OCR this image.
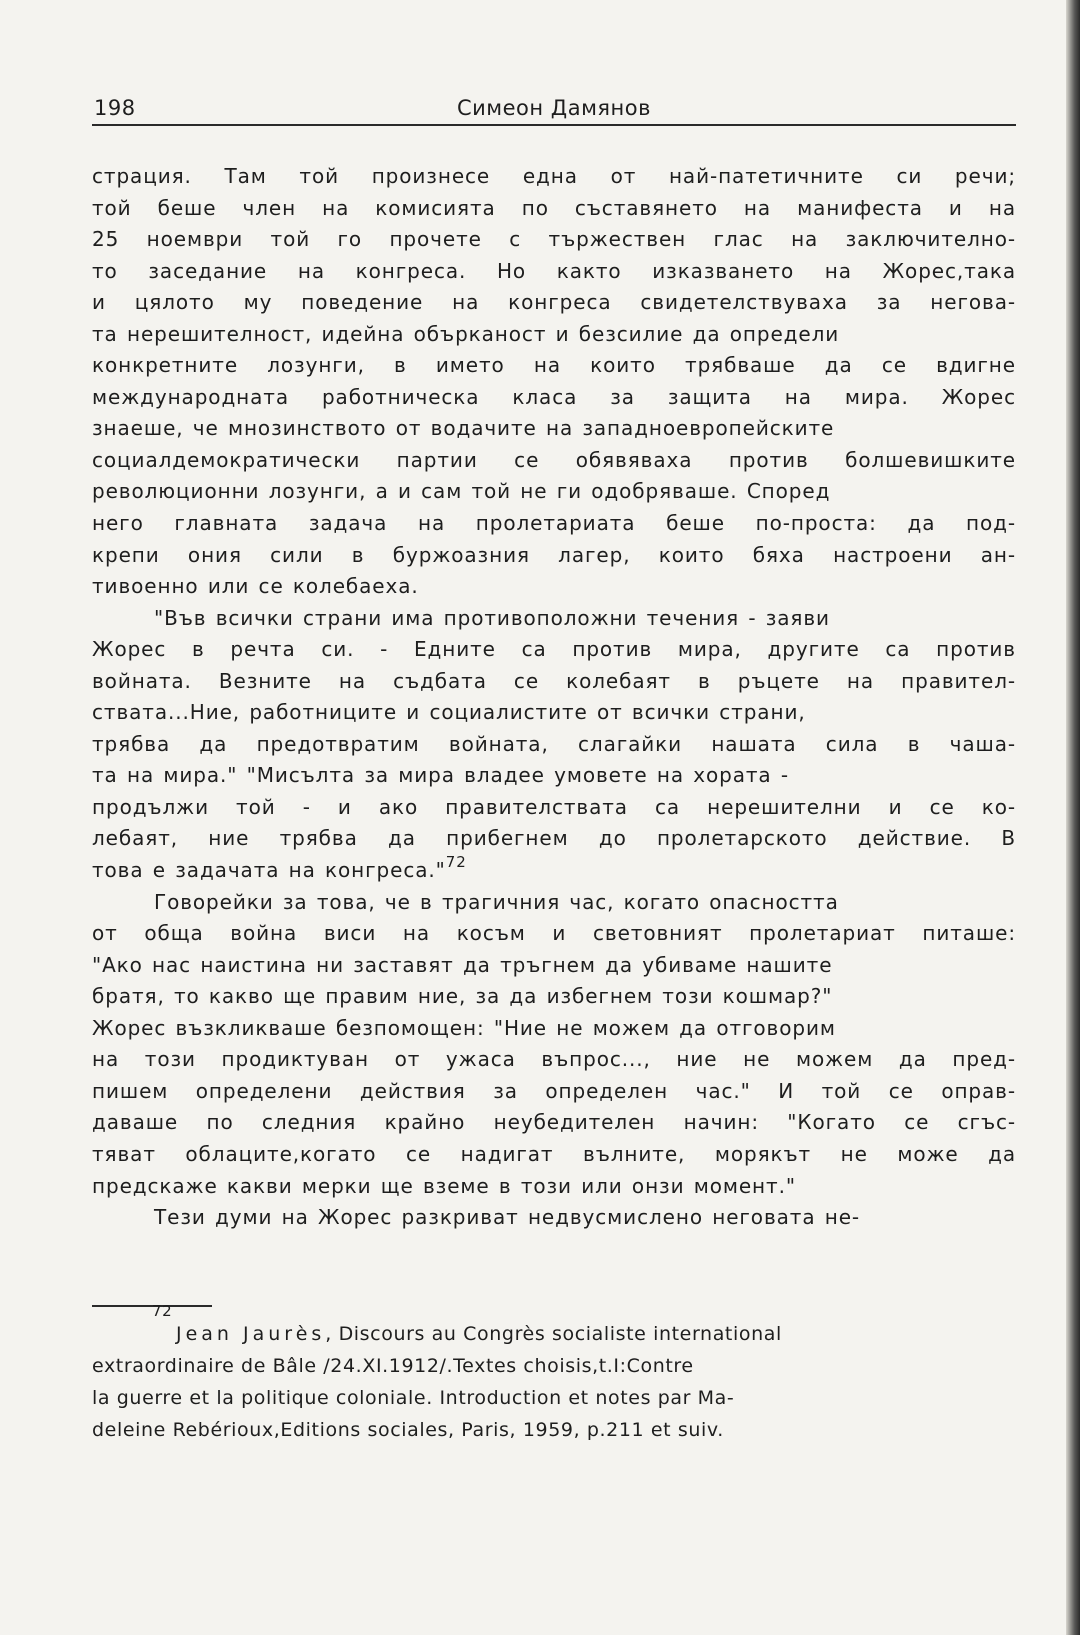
198	Симеон Дамянов
страция. Там той произнесе една от най-патетичните си речи;
той беше член на комисията по съставянето на манифеста и на
25 ноември той го прочете с тържествен глас на заключително-
то заседание на конгреса. Но както изказването на Жорес,така
и цялото му поведение на конгреса свидетелствуваха за негова-
та нерешителност, идейна обърканост и безсилие да определи
конкретните лозунги, в името на които трябваше да се вдигне
международната работническа класа за защита на мира. Жорес
знаеше, че мнозинството от водачите на западноевропейските
социалдемократически партии се обявяваха против болшевишките
революционни лозунги, а и сам той не ги одобряваше. Според
него главната задача на пролетариата беше по-проста: да под-
крепи ония сили в буржоазния лагер, които бяха настроени ан-
тивоенно или се колебаеха.
"Във всички страни има противоположни течения - заяви
Жорес в речта си. - Едните са против мира, другите са против
войната. Везните на съдбата се колебаят в ръцете на правител-
ствата...Ние, работниците и социалистите от всички страни,
трябва да предотвратим войната, слагайки нашата сила в чаша-
та на мира." "Мисълта за мира владее умовете на хората -
продължи той - и ако правителствата са нерешителни и се ко-
лебаят, ние трябва да прибегнем до пролетарското действие. В
това е задачата на конгреса."$^{72}$
Говорейки за това, че в трагичния час, когато опасността
от обща война виси на косъм и световният пролетариат питаше:
"Ако нас наистина ни заставят да тръгнем да убиваме нашите
братя, то какво ще правим ние, за да избегнем този кошмар?"
Жорес възкликваше безпомощен: "Ние не можем да отговорим
на този продиктуван от ужаса въпрос..., ние не можем да пред-
пишем определени действия за определен час." И той се оправ-
даваше по следния крайно неубедителен начин: "Когато се сгъс-
тяват облаците,когато се надигат вълните, морякът не може да
предскаже какви мерки ще вземе в този или онзи момент."
Тези думи на Жорес разкриват недвусмислено неговата не-
72
Jean Jaurès, Discours au Congrès socialiste international
extraordinaire de Bâle /24.XI.1912/.Textes choisis,t.I:Contre
la guerre et la politique coloniale. Introduction et notes par Ma-
deleine Rebérioux,Editions sociales, Paris, 1959, p.211 et suiv.
